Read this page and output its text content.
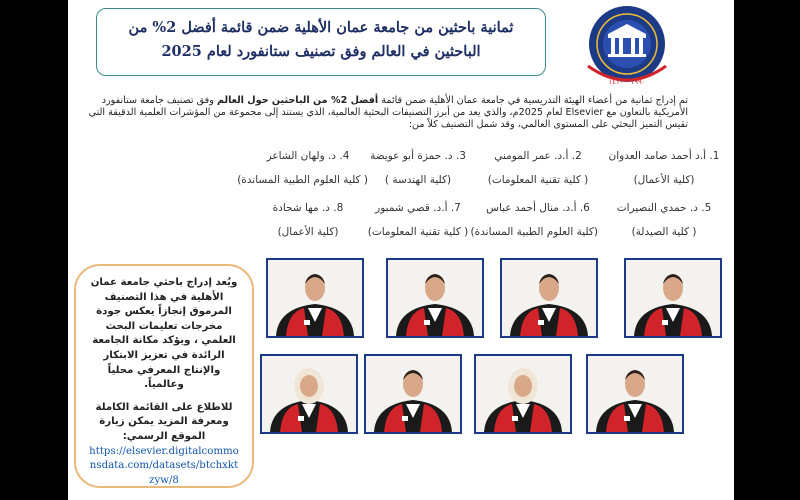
ثمانية باحثين من جامعة عمان الأهلية ضمن قائمة أفضل 2% من
الباحثين في العالم وفق تصنيف ستانفورد لعام 2025
١٩٩٠ - ١٤١٠
تم إدراج ثمانية من أعضاء الهيئة التدريسية في جامعة عمان الأهلية ضمن قائمة أفضل 2% من الباحثين حول العالم وفق تصنيف جامعة ستانفورد الأمريكية بالتعاون مع Elsevier لعام 2025م، والذي يعد من أبرز التصنيفات البحثية العالمية، الذي يستند إلى مجموعة من المؤشرات العلمية الدقيقة التي تقيس التميز البحثي على المستوى العالمي، وقد شمل التصنيف كلاً من:
1. أ.د أحمد صامد العدوان
(كلية الأعمال)
2. أ.د. عمر المومني
( كلية تقنية المعلومات)
3. د. حمزة أبو عويضة
(كلية الهندسة )
4. د. ولهان الشاعر
( كلية العلوم الطبية المساندة)
5. د. حمدي النصيرات
( كلية الصيدلة)
6. أ.د. منال أحمد عباس
(كلية العلوم الطبية المساندة)
7. أ.د. قصي شمبور
( كلية تقنية المعلومات)
8. د. مها شحادة
(كلية الأعمال)

ويُعد إدراج باحثي جامعة عمان الأهلية في هذا التصنيف المرموق إنجازاً يعكس جودة مخرجات تعليمات البحث العلمي ، ويؤكد مكانة الجامعة الرائدة في تعزيز الابتكار والإنتاج المعرفي محلياً وعالمياً.

للاطلاع على القائمة الكاملة ومعرفة المزيد يمكن زيارة الموقع الرسمي:

https://elsevier.digitalcommonsdata.com/datasets/btchxktzyw/8
